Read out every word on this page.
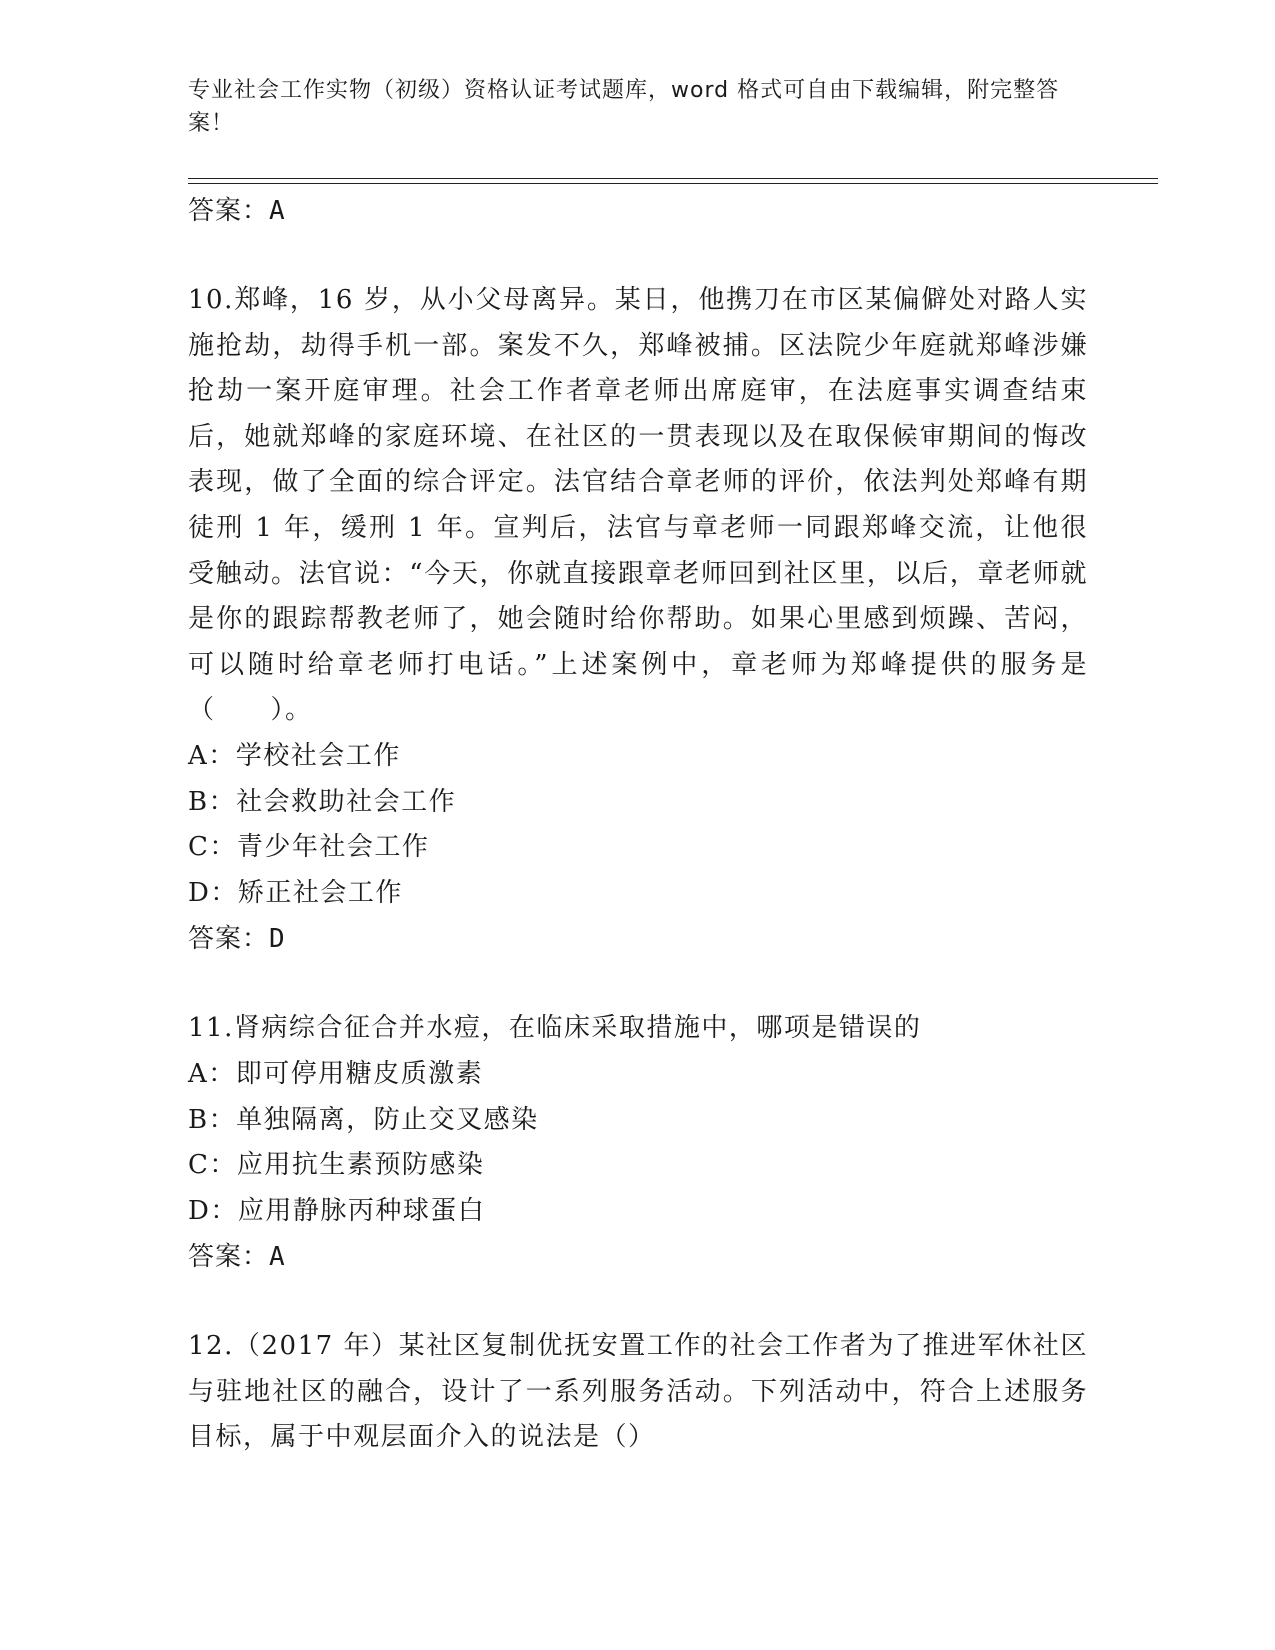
专业社会工作实物（初级）资格认证考试题库，word 格式可自由下载编辑，附完整答案！
答案：A

10.郑峰，16 岁，从小父母离异。某日，他携刀在市区某偏僻处对路人实施抢劫，劫得手机一部。案发不久，郑峰被捕。区法院少年庭就郑峰涉嫌抢劫一案开庭审理。社会工作者章老师出席庭审，在法庭事实调查结束后，她就郑峰的家庭环境、在社区的一贯表现以及在取保候审期间的悔改表现，做了全面的综合评定。法官结合章老师的评价，依法判处郑峰有期徒刑 1 年，缓刑 1 年。宣判后，法官与章老师一同跟郑峰交流，让他很受触动。法官说：“今天，你就直接跟章老师回到社区里，以后，章老师就是你的跟踪帮教老师了，她会随时给你帮助。如果心里感到烦躁、苦闷，可以随时给章老师打电话。”上述案例中，章老师为郑峰提供的服务是（　　）。

A：学校社会工作

B：社会救助社会工作

C：青少年社会工作

D：矫正社会工作

答案：D

11.肾病综合征合并水痘，在临床采取措施中，哪项是错误的

A：即可停用糖皮质激素

B：单独隔离，防止交叉感染

C：应用抗生素预防感染

D：应用静脉丙种球蛋白

答案：A

12.（2017 年）某社区复制优抚安置工作的社会工作者为了推进军休社区与驻地社区的融合，设计了一系列服务活动。下列活动中，符合上述服务目标，属于中观层面介入的说法是（）
